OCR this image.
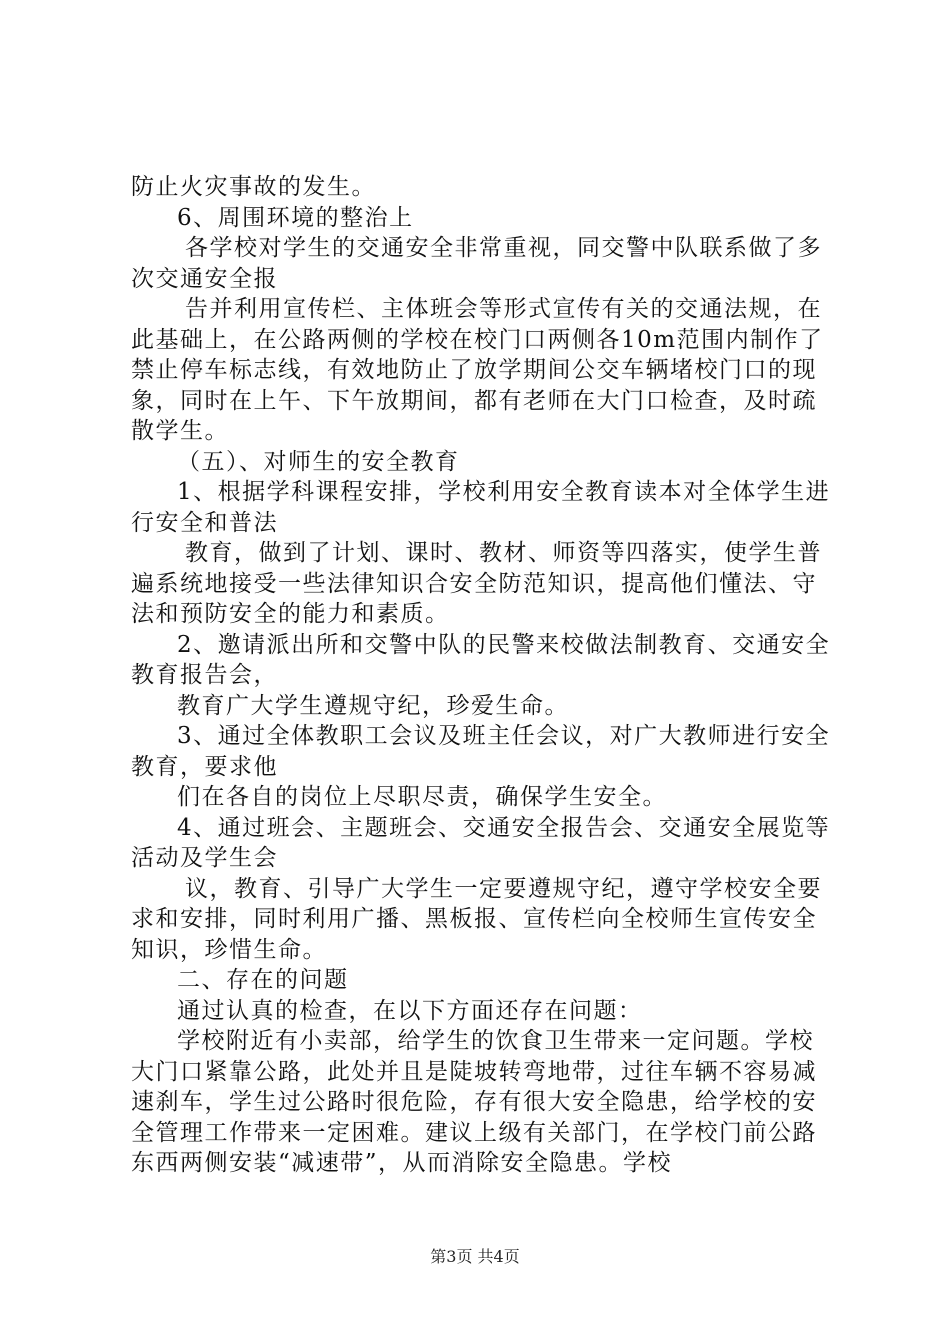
防止火灾事故的发生。

6、周围环境的整治上

各学校对学生的交通安全非常重视，同交警中队联系做了多次交通安全报

告并利用宣传栏、主体班会等形式宣传有关的交通法规，在此基础上，在公路两侧的学校在校门口两侧各10m范围内制作了禁止停车标志线，有效地防止了放学期间公交车辆堵校门口的现象，同时在上午、下午放期间，都有老师在大门口检查，及时疏散学生。

（五）、对师生的安全教育

1、根据学科课程安排，学校利用安全教育读本对全体学生进行安全和普法

教育，做到了计划、课时、教材、师资等四落实，使学生普遍系统地接受一些法律知识合安全防范知识，提高他们懂法、守法和预防安全的能力和素质。

2、邀请派出所和交警中队的民警来校做法制教育、交通安全教育报告会，

教育广大学生遵规守纪，珍爱生命。

3、通过全体教职工会议及班主任会议，对广大教师进行安全教育，要求他

们在各自的岗位上尽职尽责，确保学生安全。

4、通过班会、主题班会、交通安全报告会、交通安全展览等活动及学生会

议，教育、引导广大学生一定要遵规守纪，遵守学校安全要求和安排，同时利用广播、黑板报、宣传栏向全校师生宣传安全知识，珍惜生命。

二、存在的问题

通过认真的检查，在以下方面还存在问题：

学校附近有小卖部，给学生的饮食卫生带来一定问题。学校大门口紧靠公路，此处并且是陡坡转弯地带，过往车辆不容易减速刹车，学生过公路时很危险，存有很大安全隐患，给学校的安全管理工作带来一定困难。建议上级有关部门，在学校门前公路东西两侧安装“减速带”，从而消除安全隐患。学校

第3页 共4页
